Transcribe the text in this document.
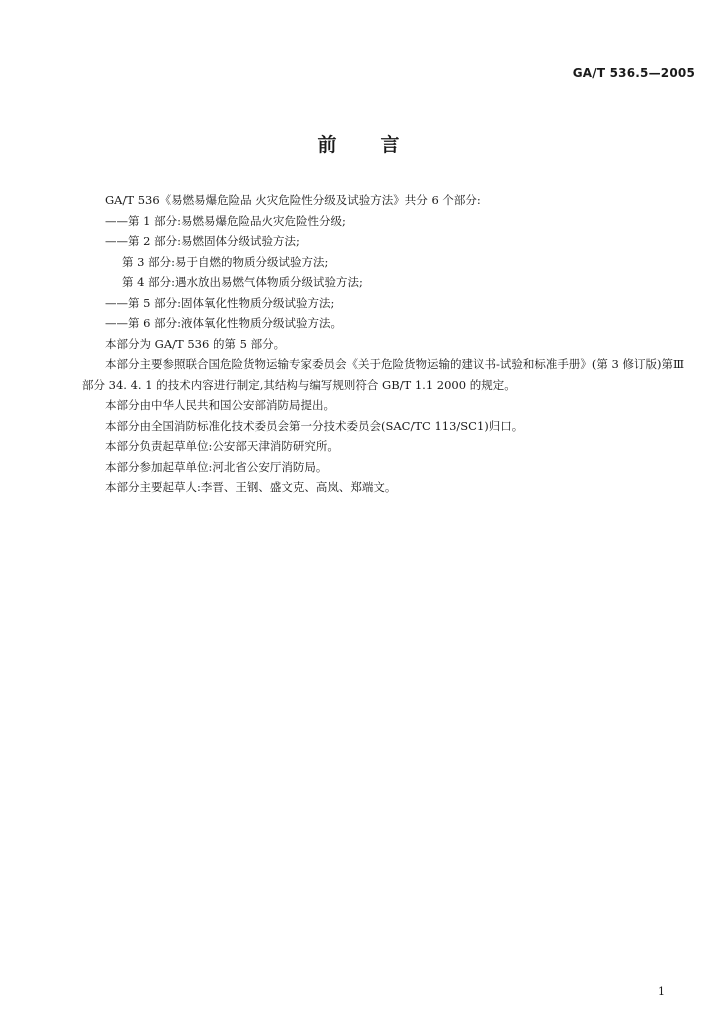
GA/T 536.5—2005
前言

GA/T 536《易燃易爆危险品 火灾危险性分级及试验方法》共分 6 个部分:

——第 1 部分:易燃易爆危险品火灾危险性分级;

——第 2 部分:易燃固体分级试验方法;

第 3 部分:易于自燃的物质分级试验方法;

第 4 部分:遇水放出易燃气体物质分级试验方法;

——第 5 部分:固体氧化性物质分级试验方法;

——第 6 部分:液体氧化性物质分级试验方法。

本部分为 GA/T 536 的第 5 部分。

本部分主要参照联合国危险货物运输专家委员会《关于危险货物运输的建议书-试验和标准手册》(第 3 修订版)第Ⅲ部分 34. 4. 1 的技术内容进行制定,其结构与编写规则符合 GB/T 1.1 2000 的规定。

本部分由中华人民共和国公安部消防局提出。

本部分由全国消防标准化技术委员会第一分技术委员会(SAC/TC 113/SC1)归口。

本部分负责起草单位:公安部天津消防研究所。

本部分参加起草单位:河北省公安厅消防局。

本部分主要起草人:李晋、王钢、盛文克、高岚、郑端文。

1
